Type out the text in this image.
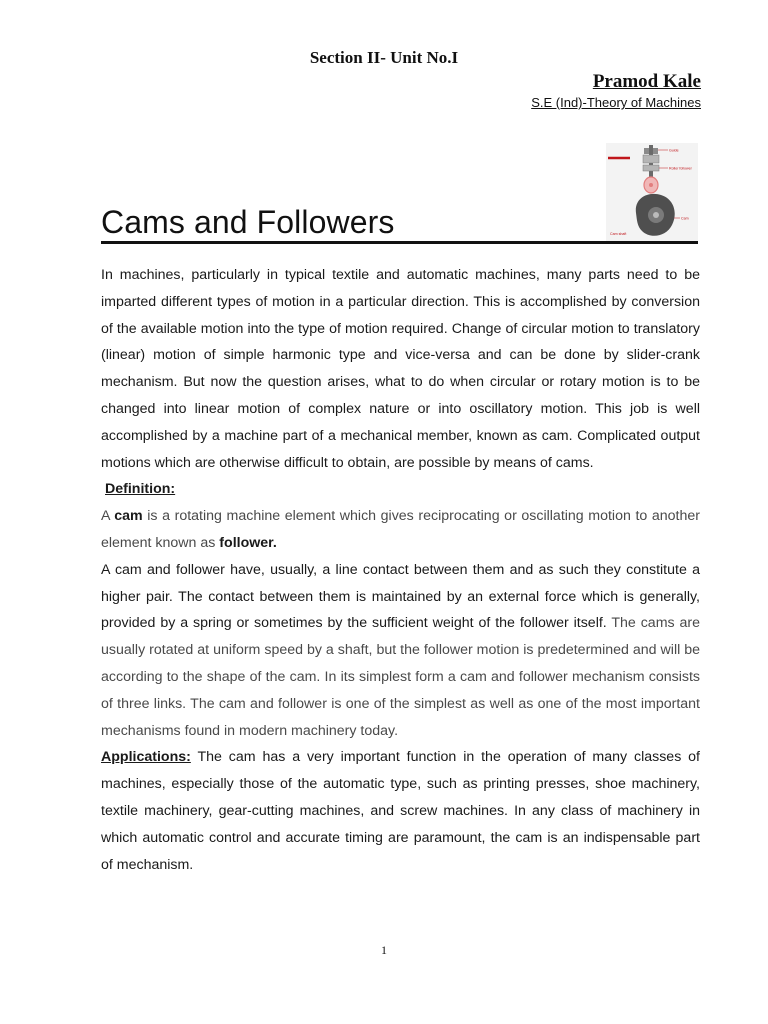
Section II- Unit No.I
Pramod Kale
S.E (Ind)-Theory of Machines
Guide
Roller follower
Cam
Cam shaft
Cams and Followers

In machines, particularly in typical textile and automatic machines, many parts need to be imparted different types of motion in a particular direction. This is accomplished by conversion of the available motion into the type of motion required. Change of circular motion to translatory (linear) motion of simple harmonic type and vice-versa and can be done by slider-crank mechanism. But now the question arises, what to do when circular or rotary motion is to be changed into linear motion of complex nature or into oscillatory motion. This job is well accomplished by a machine part of a mechanical member, known as cam. Complicated output motions which are otherwise difficult to obtain, are possible by means of cams.

Definition:

A cam is a rotating machine element which gives reciprocating or oscillating motion to another element known as follower.

A cam and follower have, usually, a line contact between them and as such they constitute a higher pair. The contact between them is maintained by an external force which is generally, provided by a spring or sometimes by the sufficient weight of the follower itself. The cams are usually rotated at uniform speed by a shaft, but the follower motion is predetermined and will be according to the shape of the cam. In its simplest form a cam and follower mechanism consists of three links. The cam and follower is one of the simplest as well as one of the most important mechanisms found in modern machinery today.

Applications: The cam has a very important function in the operation of many classes of machines, especially those of the automatic type, such as printing presses, shoe machinery, textile machinery, gear-cutting machines, and screw machines. In any class of machinery in which automatic control and accurate timing are paramount, the cam is an indispensable part of mechanism.

1
